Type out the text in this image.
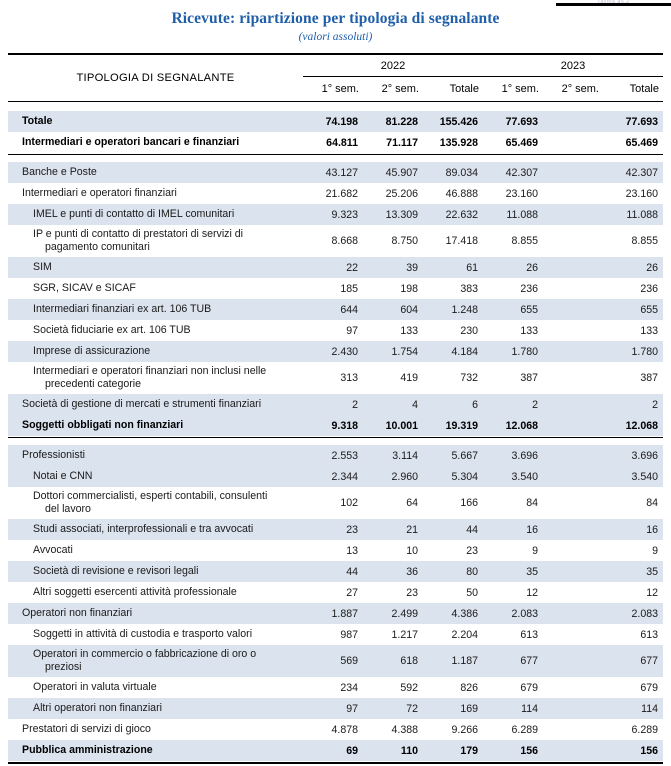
Tavola a5.2
Ricevute: ripartizione per tipologia di segnalante
(valori assoluti)

TIPOLOGIA DI SEGNALANTE	2022			2023		
	1° sem.	2° sem.	Totale	1° sem.	2° sem.	Totale

Totale	74.198	81.228	155.426	77.693		77.693
Intermediari e operatori bancari e finanziari	64.811	71.117	135.928	65.469		65.469

Banche e Poste	43.127	45.907	89.034	42.307		42.307
Intermediari e operatori finanziari	21.682	25.206	46.888	23.160		23.160
IMEL e punti di contatto di IMEL comunitari	9.323	13.309	22.632	11.088		11.088

IP e punti di contatto di prestatori di servizi di
pagamento comunitari	8.668	8.750	17.418	8.855		8.855
SIM	22	39	61	26		26
SGR, SICAV e SICAF	185	198	383	236		236
Intermediari finanziari ex art. 106 TUB	644	604	1.248	655		655
Società fiduciarie ex art. 106 TUB	97	133	230	133		133
Imprese di assicurazione	2.430	1.754	4.184	1.780		1.780

Intermediari e operatori finanziari non inclusi nelle
precedenti categorie	313	419	732	387		387
Società di gestione di mercati e strumenti finanziari	2	4	6	2		2
Soggetti obbligati non finanziari	9.318	10.001	19.319	12.068		12.068

Professionisti	2.553	3.114	5.667	3.696		3.696
Notai e CNN	2.344	2.960	5.304	3.540		3.540

Dottori commercialisti, esperti contabili, consulenti
del lavoro	102	64	166	84		84
Studi associati, interprofessionali e tra avvocati	23	21	44	16		16
Avvocati	13	10	23	9		9
Società di revisione e revisori legali	44	36	80	35		35
Altri soggetti esercenti attività professionale	27	23	50	12		12
Operatori non finanziari	1.887	2.499	4.386	2.083		2.083
Soggetti in attività di custodia e trasporto valori	987	1.217	2.204	613		613

Operatori in commercio o fabbricazione di oro o
preziosi	569	618	1.187	677		677
Operatori in valuta virtuale	234	592	826	679		679
Altri operatori non finanziari	97	72	169	114		114
Prestatori di servizi di gioco	4.878	4.388	9.266	6.289		6.289
Pubblica amministrazione	69	110	179	156		156
